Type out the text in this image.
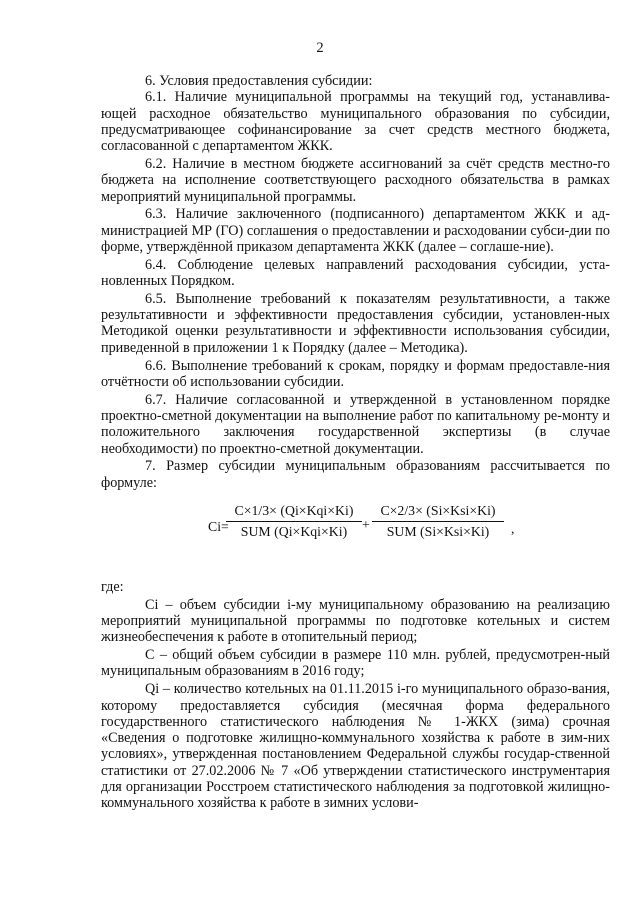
2

6. Условия предоставления субсидии:

6.1. Наличие муниципальной программы на текущий год, устанавлива-ющей расходное обязательство муниципального образования по субсидии, предусматривающее софинансирование за счет средств местного бюджета, согласованной с департаментом ЖКК.

6.2. Наличие в местном бюджете ассигнований за счёт средств местно-го бюджета на исполнение соответствующего расходного обязательства в рамках мероприятий муниципальной программы.

6.3. Наличие заключенного (подписанного) департаментом ЖКК и ад-министрацией МР (ГО) соглашения о предоставлении и расходовании субси-дии по форме, утверждённой приказом департамента ЖКК (далее – соглаше-ние).

6.4. Соблюдение целевых направлений расходования субсидии, уста-новленных Порядком.

6.5. Выполнение требований к показателям результативности, а также результативности и эффективности предоставления субсидии, установлен-ных Методикой оценки результативности и эффективности использования субсидии, приведенной в приложении 1 к Порядку (далее – Методика).

6.6. Выполнение требований к срокам, порядку и формам предоставле-ния отчётности об использовании субсидии.

6.7. Наличие согласованной и утвержденной в установленном порядке проектно-сметной документации на выполнение работ по капитальному ре-монту и положительного заключения государственной экспертизы (в случае необходимости) по проектно-сметной документации.

7. Размер субсидии муниципальным образованиям рассчитывается по формуле:

Ci=
C×1/3× (Qi×Kqi×Ki)
SUM (Qi×Kqi×Ki)	+
C×2/3× (Si×Ksi×Ki)
SUM (Si×Ksi×Ki)	,

где:

Ci – объем субсидии i-му муниципальному образованию на реализацию мероприятий муниципальной программы по подготовке котельных и систем жизнеобеспечения к работе в отопительный период;

C – общий объем субсидии в размере 110 млн. рублей, предусмотрен-ный муниципальным образованиям в 2016 году;

Qi – количество котельных на 01.11.2015 i-го муниципального образо-вания, которому предоставляется субсидия (месячная форма федерального государственного статистического наблюдения № 1-ЖКХ (зима) срочная «Сведения о подготовке жилищно-коммунального хозяйства к работе в зим-них условиях», утвержденная постановлением Федеральной службы государ-ственной статистики от 27.02.2006 № 7 «Об утверждении статистического инструментария для организации Росстроем статистического наблюдения за подготовкой жилищно-коммунального хозяйства к работе в зимних услови-
